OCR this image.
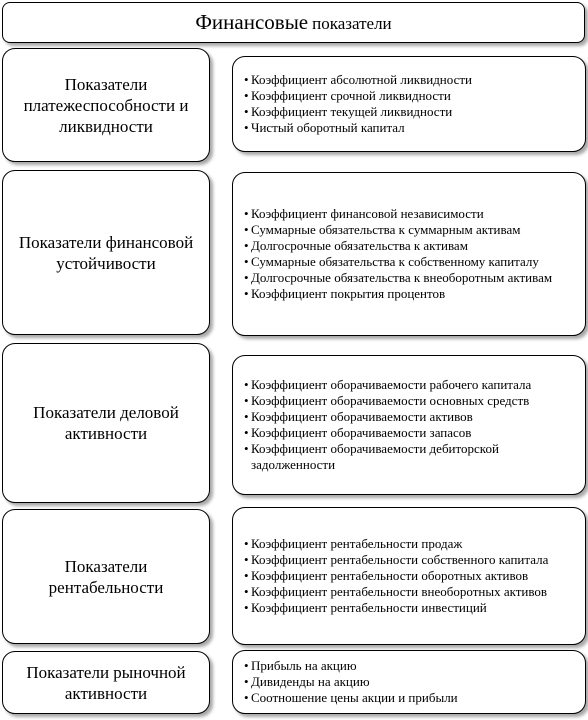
Финансовые показатели
Показатели платежеспособности и ликвидности
• Коэффициент абсолютной ликвидности
• Коэффициент срочной ликвидности
• Коэффициент текущей ликвидности
• Чистый оборотный капитал
Показатели финансовой устойчивости
• Коэффициент финансовой независимости
• Суммарные обязательства к суммарным активам
• Долгосрочные обязательства к активам
• Суммарные обязательства к собственному капиталу
• Долгосрочные обязательства к внеоборотным активам
• Коэффициент покрытия процентов
Показатели деловой активности
• Коэффициент оборачиваемости рабочего капитала
• Коэффициент оборачиваемости основных средств
• Коэффициент оборачиваемости активов
• Коэффициент оборачиваемости запасов
• Коэффициент оборачиваемости дебиторской задолженности
Показатели рентабельности
• Коэффициент рентабельности продаж
• Коэффициент рентабельности собственного капитала
• Коэффициент рентабельности оборотных активов
• Коэффициент рентабельности внеоборотных активов
• Коэффициент рентабельности инвестиций
Показатели рыночной активности
• Прибыль на акцию
• Дивиденды на акцию
• Соотношение цены акции и прибыли
